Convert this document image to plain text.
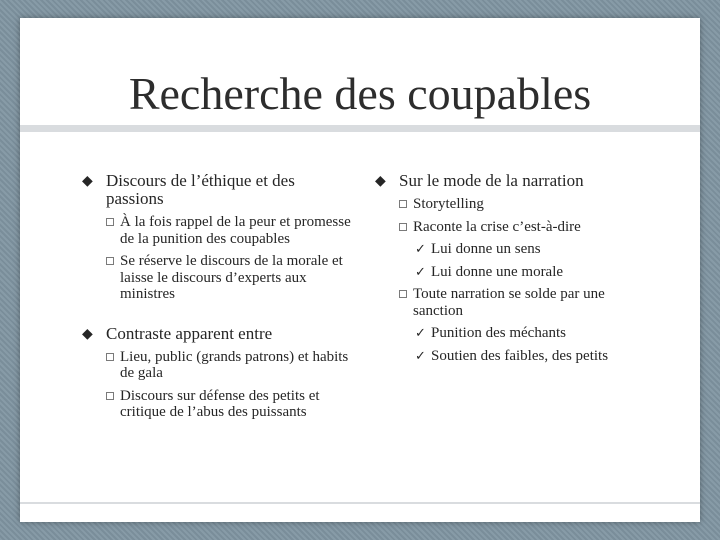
Recherche des coupables
◆ Discours de l’éthique et des passions
À la fois rappel de la peur et promesse de la punition des coupables
Se réserve le discours de la morale et laisse le discours d’experts aux ministres
◆ Contraste apparent entre
Lieu, public (grands patrons) et habits de gala
Discours sur défense des petits et critique de l’abus des puissants
◆ Sur le mode de la narration
Storytelling
Raconte la crise c’est-à-dire
✓ Lui donne un sens
✓ Lui donne une morale
Toute narration se solde par une sanction
✓ Punition des méchants
✓ Soutien des faibles, des petits
